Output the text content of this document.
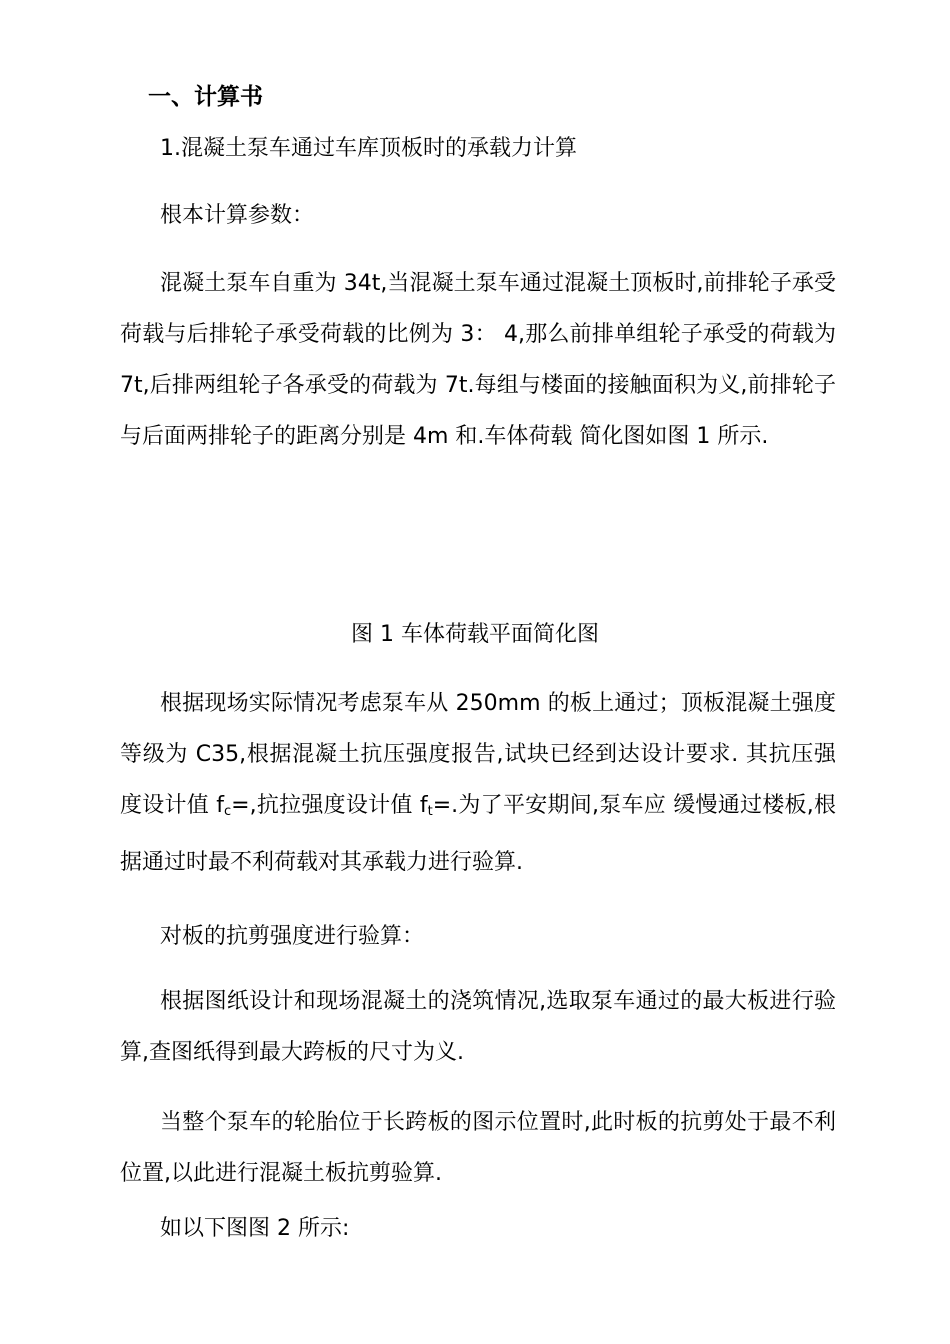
一、计算书

1.混凝土泵车通过车库顶板时的承载力计算

根本计算参数：

混凝土泵车自重为 34t,当混凝土泵车通过混凝土顶板时,前排轮子承受荷载与后排轮子承受荷载的比例为 3： 4,那么前排单组轮子承受的荷载为 7t,后排两组轮子各承受的荷载为 7t.每组与楼面的接触面积为义,前排轮子与后面两排轮子的距离分别是 4m 和.车体荷载 简化图如图 1 所示.

图 1 车体荷载平面简化图

根据现场实际情况考虑泵车从 250mm 的板上通过；顶板混凝土强度等级为 C35,根据混凝土抗压强度报告,试块已经到达设计要求. 其抗压强度设计值 $f_c=$,抗拉强度设计值 $f_t=$.为了平安期间,泵车应 缓慢通过楼板,根据通过时最不利荷载对其承载力进行验算.

对板的抗剪强度进行验算：

根据图纸设计和现场混凝土的浇筑情况,选取泵车通过的最大板进行验算,查图纸得到最大跨板的尺寸为义.

当整个泵车的轮胎位于长跨板的图示位置时,此时板的抗剪处于最不利位置,以此进行混凝土板抗剪验算.

如以下图图 2 所示:
